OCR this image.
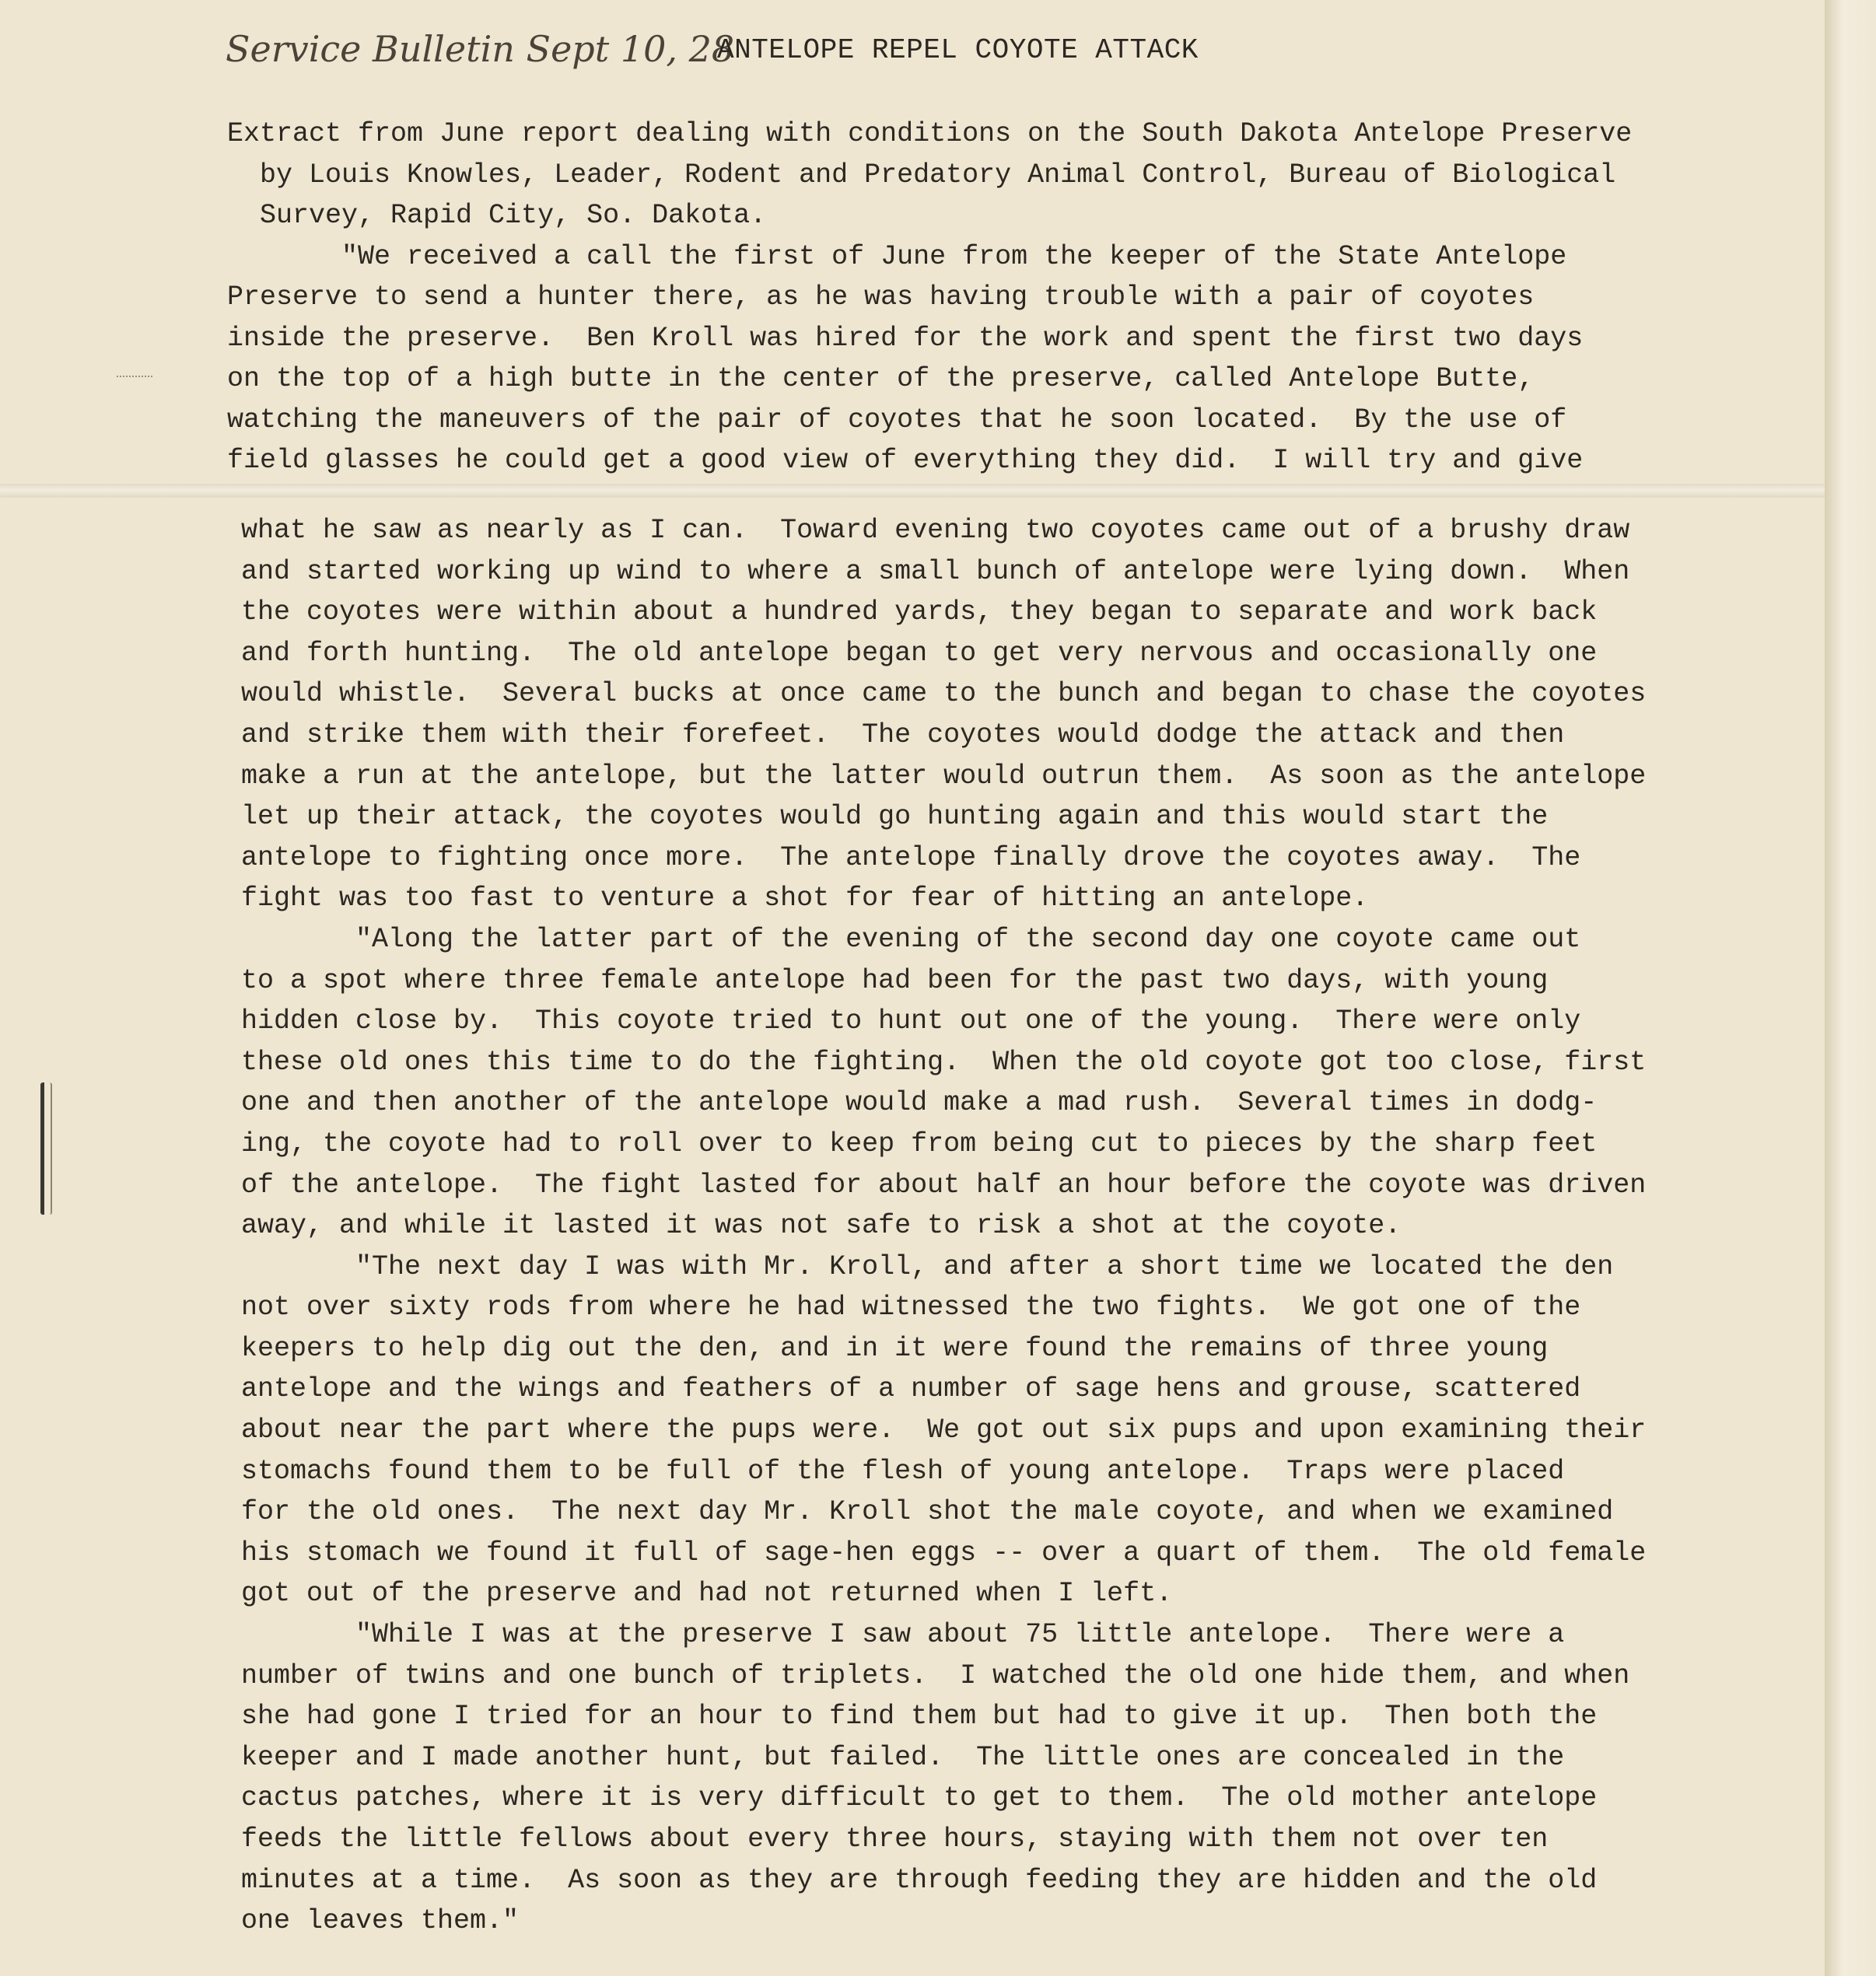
Service Bulletin Sept 10, 28
ANTELOPE REPEL COYOTE ATTACK
Extract from June report dealing with conditions on the South Dakota Antelope Preserve
by Louis Knowles, Leader, Rodent and Predatory Animal Control, Bureau of Biological
Survey, Rapid City, So. Dakota.
"We received a call the first of June from the keeper of the State Antelope
Preserve to send a hunter there, as he was having trouble with a pair of coyotes
inside the preserve.  Ben Kroll was hired for the work and spent the first two days
on the top of a high butte in the center of the preserve, called Antelope Butte,
watching the maneuvers of the pair of coyotes that he soon located.  By the use of
field glasses he could get a good view of everything they did.  I will try and give
what he saw as nearly as I can.  Toward evening two coyotes came out of a brushy draw
and started working up wind to where a small bunch of antelope were lying down.  When
the coyotes were within about a hundred yards, they began to separate and work back
and forth hunting.  The old antelope began to get very nervous and occasionally one
would whistle.  Several bucks at once came to the bunch and began to chase the coyotes
and strike them with their forefeet.  The coyotes would dodge the attack and then
make a run at the antelope, but the latter would outrun them.  As soon as the antelope
let up their attack, the coyotes would go hunting again and this would start the
antelope to fighting once more.  The antelope finally drove the coyotes away.  The
fight was too fast to venture a shot for fear of hitting an antelope.
"Along the latter part of the evening of the second day one coyote came out
to a spot where three female antelope had been for the past two days, with young
hidden close by.  This coyote tried to hunt out one of the young.  There were only
these old ones this time to do the fighting.  When the old coyote got too close, first
one and then another of the antelope would make a mad rush.  Several times in dodg-
ing, the coyote had to roll over to keep from being cut to pieces by the sharp feet
of the antelope.  The fight lasted for about half an hour before the coyote was driven
away, and while it lasted it was not safe to risk a shot at the coyote.
"The next day I was with Mr. Kroll, and after a short time we located the den
not over sixty rods from where he had witnessed the two fights.  We got one of the
keepers to help dig out the den, and in it were found the remains of three young
antelope and the wings and feathers of a number of sage hens and grouse, scattered
about near the part where the pups were.  We got out six pups and upon examining their
stomachs found them to be full of the flesh of young antelope.  Traps were placed
for the old ones.  The next day Mr. Kroll shot the male coyote, and when we examined
his stomach we found it full of sage-hen eggs -- over a quart of them.  The old female
got out of the preserve and had not returned when I left.
"While I was at the preserve I saw about 75 little antelope.  There were a
number of twins and one bunch of triplets.  I watched the old one hide them, and when
she had gone I tried for an hour to find them but had to give it up.  Then both the
keeper and I made another hunt, but failed.  The little ones are concealed in the
cactus patches, where it is very difficult to get to them.  The old mother antelope
feeds the little fellows about every three hours, staying with them not over ten
minutes at a time.  As soon as they are through feeding they are hidden and the old
one leaves them."
